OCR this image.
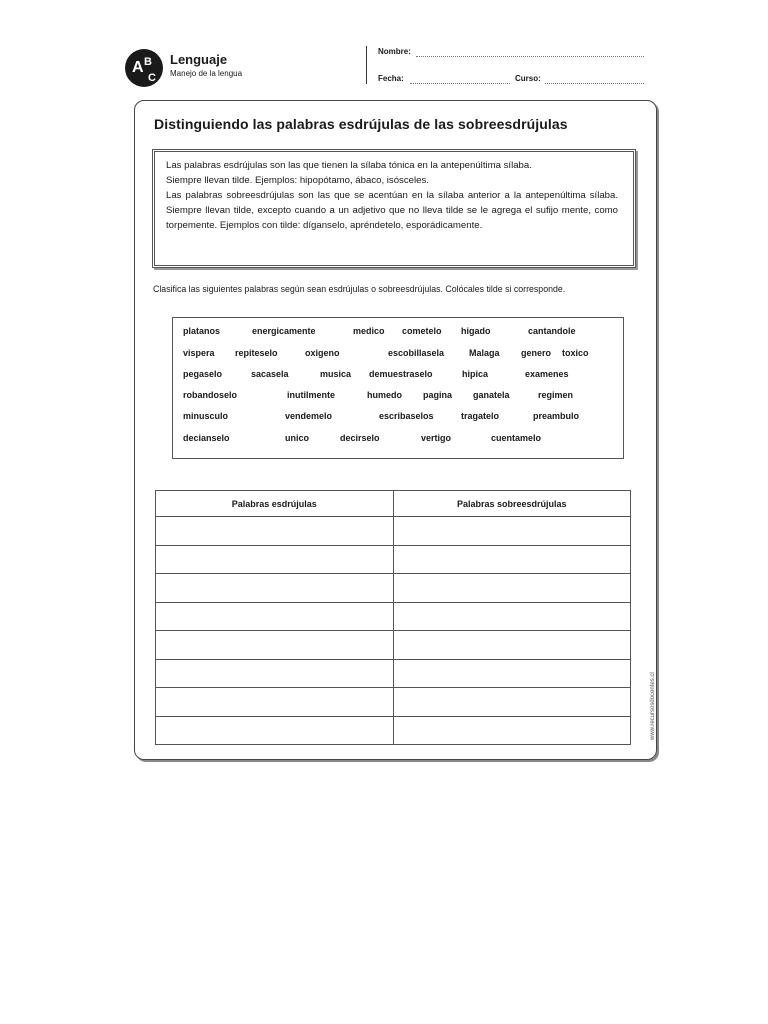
A B
C
Lenguaje
Manejo de la lengua
Nombre:
Fecha:	Curso:
Distinguiendo las palabras esdrújulas de las sobreesdrújulas

Las palabras esdrújulas son las que tienen la sílaba tónica en la antepenúltima sílaba.

Siempre llevan tilde. Ejemplos: hipopótamo, ábaco, isósceles.

Las palabras sobreesdrújulas son las que se acentúan en la sílaba anterior a la antepenúltima sílaba. Siempre llevan tilde, excepto cuando a un adjetivo que no lleva tilde se le agrega el sufijo mente, como torpemente. Ejemplos con tilde: díganselo, apréndetelo, esporádicamente.

Clasifica las siguientes palabras según sean esdrújulas o sobreesdrújulas. Colócales tilde si corresponde.
platanos	energicamente	medico cometelo higado	cantandole
vispera repiteselo	oxigeno	escobillasela	Malaga genero toxico
pegaselo	sacasela	musica demuestraselo	hipica	examenes
robandoselo	inutilmente	humedo pagina ganatela	regimen
minusculo	vendemelo	escribaselos	tragatelo	preambulo
decianselo	unico	decirselo	vertigo	cuentamelo
Palabras esdrújulas	Palabras sobreesdrújulas

www.recursosdocentes.cl
